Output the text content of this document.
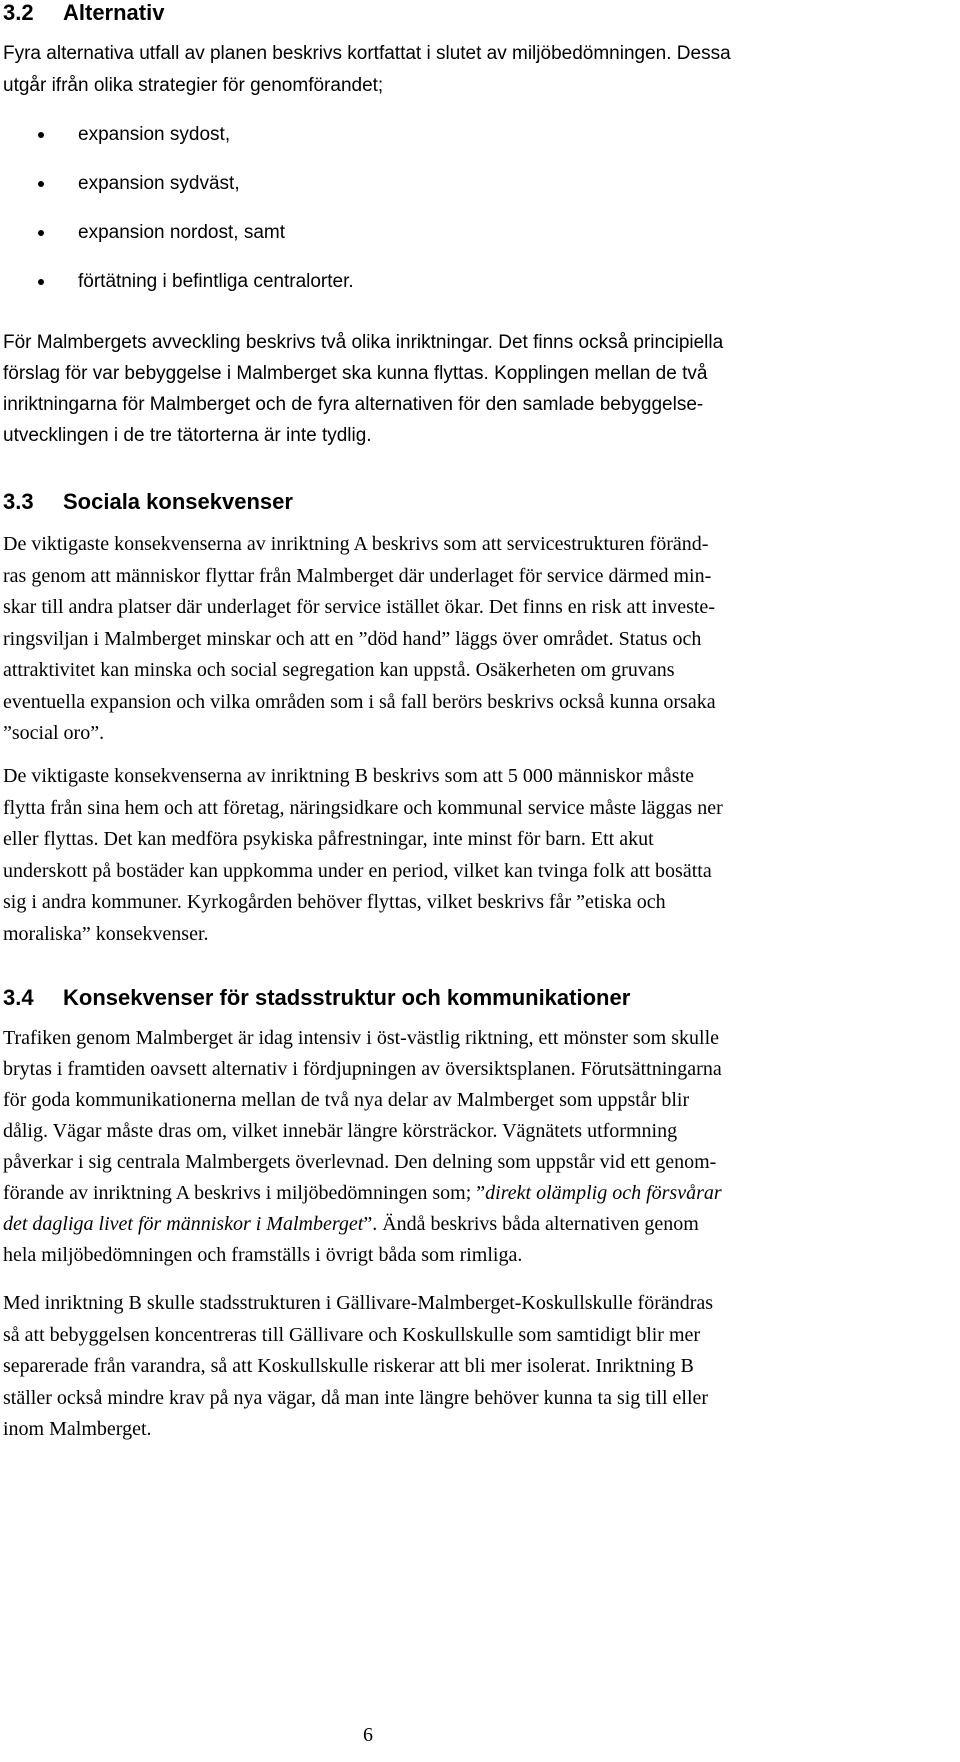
3.2 Alternativ

Fyra alternativa utfall av planen beskrivs kortfattat i slutet av miljöbedömningen. Dessa
utgår ifrån olika strategier för genomförandet;

expansion sydost,
expansion sydväst,
expansion nordost, samt
förtätning i befintliga centralorter.

För Malmbergets avveckling beskrivs två olika inriktningar. Det finns också principiella
förslag för var bebyggelse i Malmberget ska kunna flyttas. Kopplingen mellan de två
inriktningarna för Malmberget och de fyra alternativen för den samlade bebyggelse-
utvecklingen i de tre tätorterna är inte tydlig.

3.3 Sociala konsekvenser

De viktigaste konsekvenserna av inriktning A beskrivs som att servicestrukturen föränd-
ras genom att människor flyttar från Malmberget där underlaget för service därmed min-
skar till andra platser där underlaget för service istället ökar. Det finns en risk att investe-
ringsviljan i Malmberget minskar och att en ”död hand” läggs över området. Status och
attraktivitet kan minska och social segregation kan uppstå. Osäkerheten om gruvans
eventuella expansion och vilka områden som i så fall berörs beskrivs också kunna orsaka
”social oro”.

De viktigaste konsekvenserna av inriktning B beskrivs som att 5 000 människor måste
flytta från sina hem och att företag, näringsidkare och kommunal service måste läggas ner
eller flyttas. Det kan medföra psykiska påfrestningar, inte minst för barn. Ett akut
underskott på bostäder kan uppkomma under en period, vilket kan tvinga folk att bosätta
sig i andra kommuner. Kyrkogården behöver flyttas, vilket beskrivs får ”etiska och
moraliska” konsekvenser.

3.4 Konsekvenser för stadsstruktur och kommunikationer

Trafiken genom Malmberget är idag intensiv i öst-västlig riktning, ett mönster som skulle
brytas i framtiden oavsett alternativ i fördjupningen av översiktsplanen. Förutsättningarna
för goda kommunikationerna mellan de två nya delar av Malmberget som uppstår blir
dålig. Vägar måste dras om, vilket innebär längre körsträckor. Vägnätets utformning
påverkar i sig centrala Malmbergets överlevnad. Den delning som uppstår vid ett genom-
förande av inriktning A beskrivs i miljöbedömningen som; ”direkt olämplig och försvårar
det dagliga livet för människor i Malmberget”. Ändå beskrivs båda alternativen genom
hela miljöbedömningen och framställs i övrigt båda som rimliga.

Med inriktning B skulle stadsstrukturen i Gällivare-Malmberget-Koskullskulle förändras
så att bebyggelsen koncentreras till Gällivare och Koskullskulle som samtidigt blir mer
separerade från varandra, så att Koskullskulle riskerar att bli mer isolerat. Inriktning B
ställer också mindre krav på nya vägar, då man inte längre behöver kunna ta sig till eller
inom Malmberget.

6
